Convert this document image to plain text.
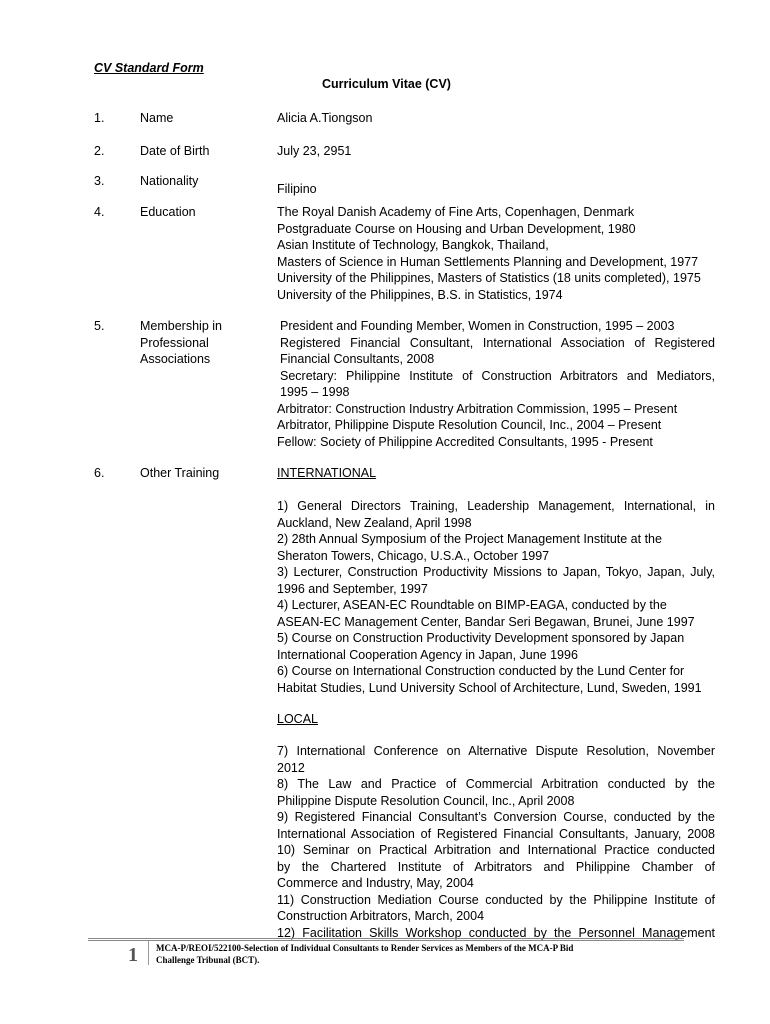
CV Standard Form
Curriculum Vitae (CV)
1.	Name	Alicia A.Tiongson
2.	Date of Birth	July 23, 2951
3.	Nationality
Filipino
4.	Education	The Royal Danish Academy of Fine Arts, Copenhagen, Denmark
Postgraduate Course on Housing and Urban Development, 1980
Asian Institute of Technology, Bangkok, Thailand,
Masters of Science in Human Settlements Planning and Development, 1977
University of the Philippines, Masters of Statistics (18 units completed), 1975
University of the Philippines, B.S. in Statistics, 1974
5.	Membership in
Professional
Associations
President and Founding Member, Women in Construction, 1995 – 2003
Registered Financial Consultant, International Association of Registered
Financial Consultants, 2008
Secretary: Philippine Institute of Construction Arbitrators and Mediators,
1995 – 1998
Arbitrator: Construction Industry Arbitration Commission, 1995 – Present
Arbitrator, Philippine Dispute Resolution Council, Inc., 2004 – Present
Fellow: Society of Philippine Accredited Consultants, 1995 - Present
6.	Other Training	INTERNATIONAL
1) General Directors Training, Leadership Management, International, in
Auckland, New Zealand, April 1998
2) 28th Annual Symposium of the Project Management Institute at the
Sheraton Towers, Chicago, U.S.A., October 1997
3) Lecturer, Construction Productivity Missions to Japan, Tokyo, Japan, July,
1996 and September, 1997
4) Lecturer, ASEAN-EC Roundtable on BIMP-EAGA, conducted by the
ASEAN-EC Management Center, Bandar Seri Begawan, Brunei, June 1997
5) Course on Construction Productivity Development sponsored by Japan
International Cooperation Agency in Japan, June 1996
6) Course on International Construction conducted by the Lund Center for
Habitat Studies, Lund University School of Architecture, Lund, Sweden, 1991
LOCAL
7) International Conference on Alternative Dispute Resolution, November
2012
8) The Law and Practice of Commercial Arbitration conducted by the
Philippine Dispute Resolution Council, Inc., April 2008
9) Registered Financial Consultant’s Conversion Course, conducted by the
International Association of Registered Financial Consultants, January, 2008
10) Seminar on Practical Arbitration and International Practice conducted
by the Chartered Institute of Arbitrators and Philippine Chamber of
Commerce and Industry, May, 2004
11) Construction Mediation Course conducted by the Philippine Institute of
Construction Arbitrators, March, 2004
12) Facilitation Skills Workshop conducted by the Personnel Management
1 MCA-P/REOI/522100-Selection of Individual Consultants to Render Services as Members of the MCA-P Bid
Challenge Tribunal (BCT).
